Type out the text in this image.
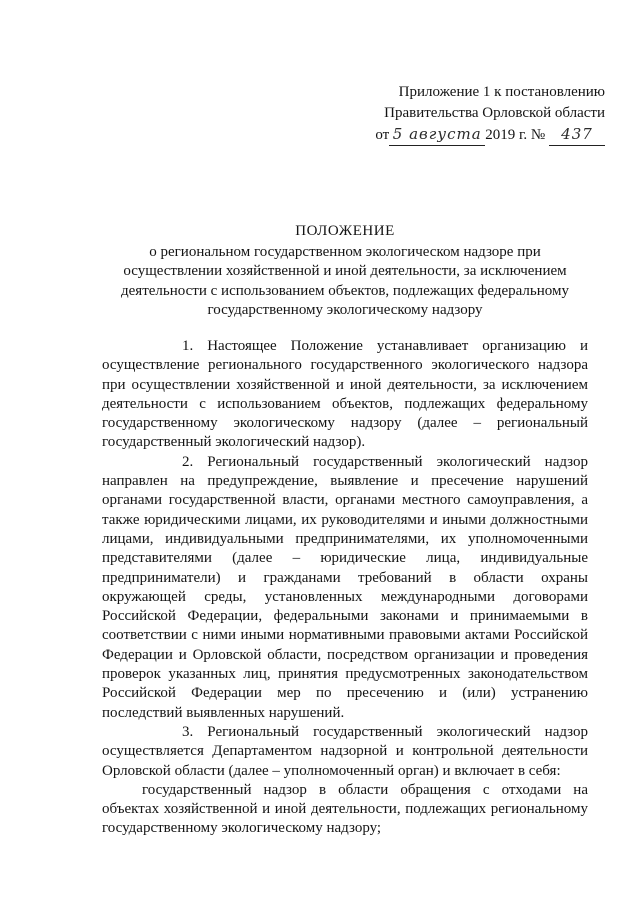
Приложение 1 к постановлению
Правительства Орловской области
от 5 августа 2019 г. № 437
ПОЛОЖЕНИЕ
о региональном государственном экологическом надзоре при
осуществлении хозяйственной и иной деятельности, за исключением
деятельности с использованием объектов, подлежащих федеральному
государственному экологическому надзору

1. Настоящее Положение устанавливает организацию и осуществление регионального государственного экологического надзора при осуществлении хозяйственной и иной деятельности, за исключением деятельности с использованием объектов, подлежащих федеральному государственному экологическому надзору (далее – региональный государственный экологический надзор).

2. Региональный государственный экологический надзор направлен на предупреждение, выявление и пресечение нарушений органами государственной власти, органами местного самоуправления, а также юридическими лицами, их руководителями и иными должностными лицами, индивидуальными предпринимателями, их уполномоченными представителями (далее – юридические лица, индивидуальные предприниматели) и гражданами требований в области охраны окружающей среды, установленных международными договорами Российской Федерации, федеральными законами и принимаемыми в соответствии с ними иными нормативными правовыми актами Российской Федерации и Орловской области, посредством организации и проведения проверок указанных лиц, принятия предусмотренных законодательством Российской Федерации мер по пресечению и (или) устранению последствий выявленных нарушений.

3. Региональный государственный экологический надзор осуществляется Департаментом надзорной и контрольной деятельности Орловской области (далее – уполномоченный орган) и включает в себя:

государственный надзор в области обращения с отходами на объектах хозяйственной и иной деятельности, подлежащих региональному государственному экологическому надзору;
